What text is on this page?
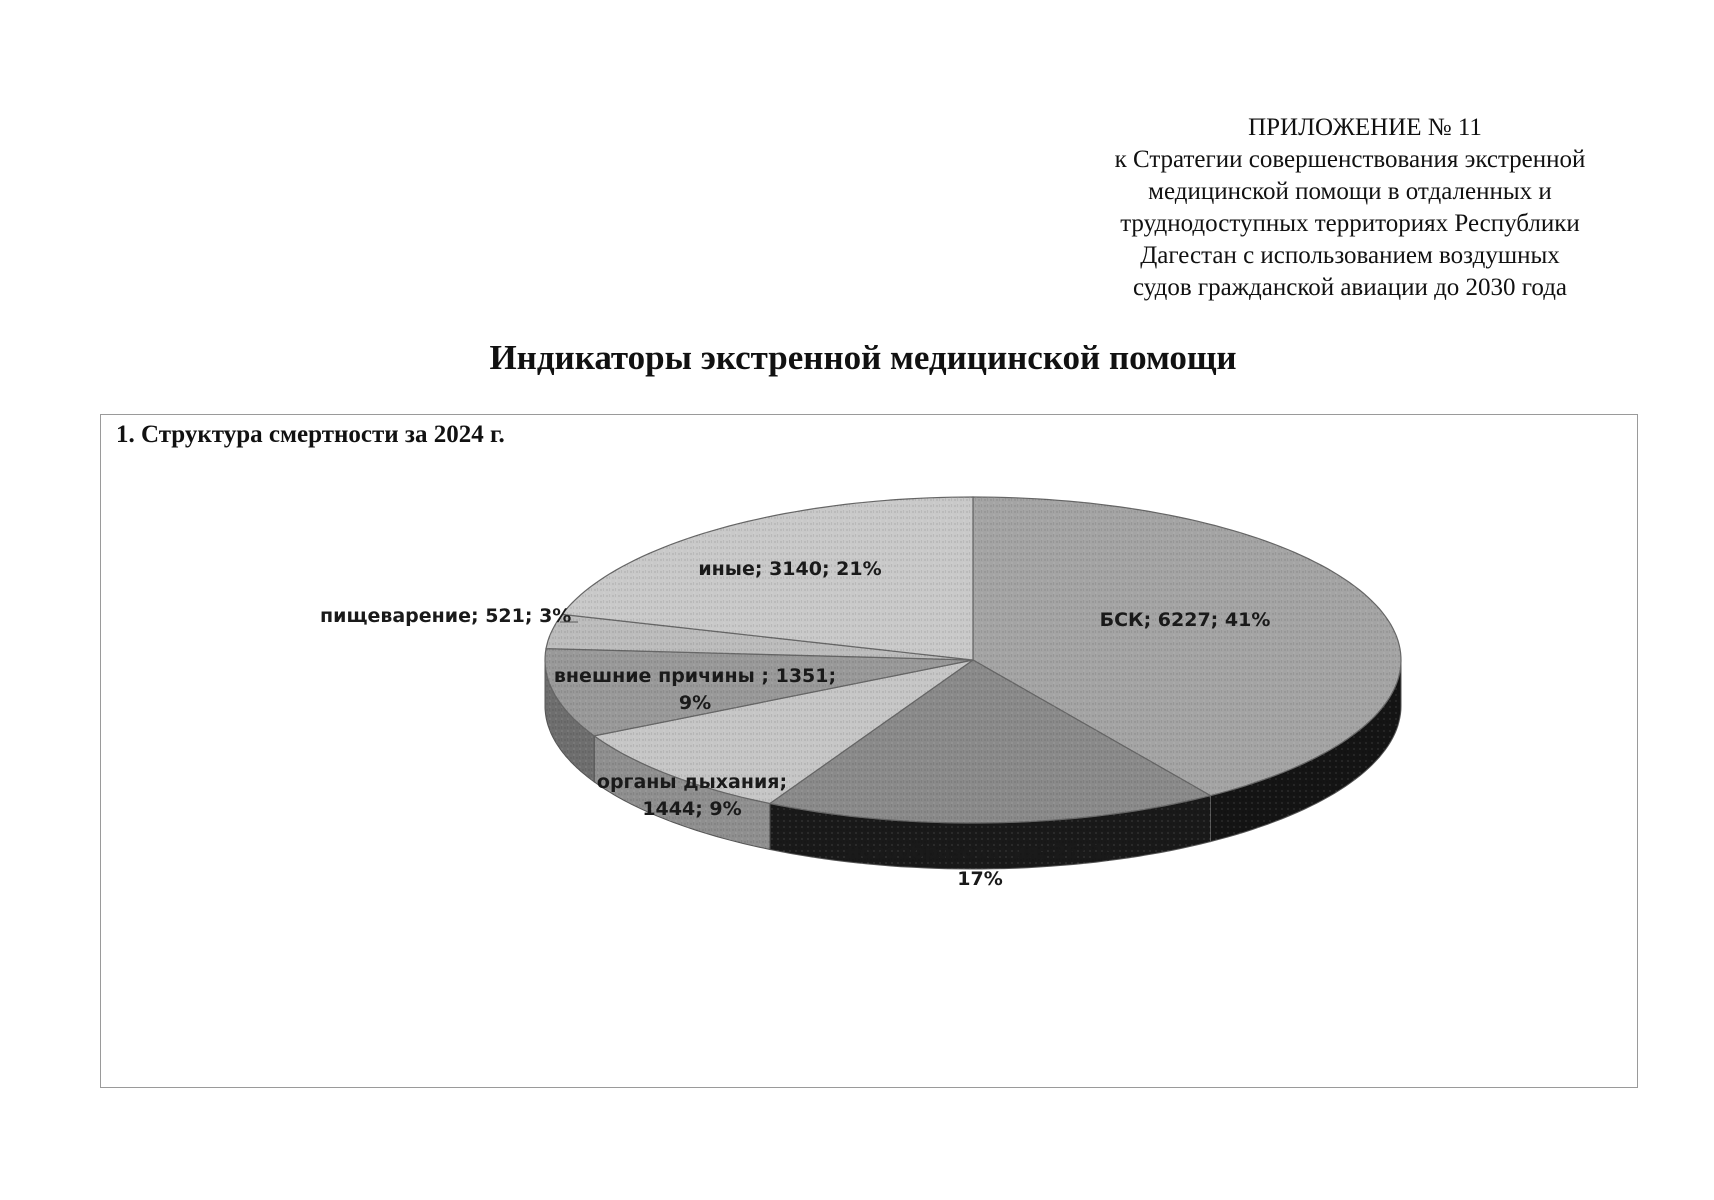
ПРИЛОЖЕНИЕ № 11
к Стратегии совершенствования экстренной
медицинской помощи в отдаленных и
труднодоступных территориях Республики
Дагестан с использованием воздушных
судов гражданской авиации до 2030 года
Индикаторы экстренной медицинской помощи
1. Структура смертности за 2024 г.
БСК; 6227; 41%
новообразования; 2641; 17%
органы дыхания; 1444; 9%
внешние причины ; 1351; 9%
пищеварение; 521; 3%
иные; 3140; 21%
